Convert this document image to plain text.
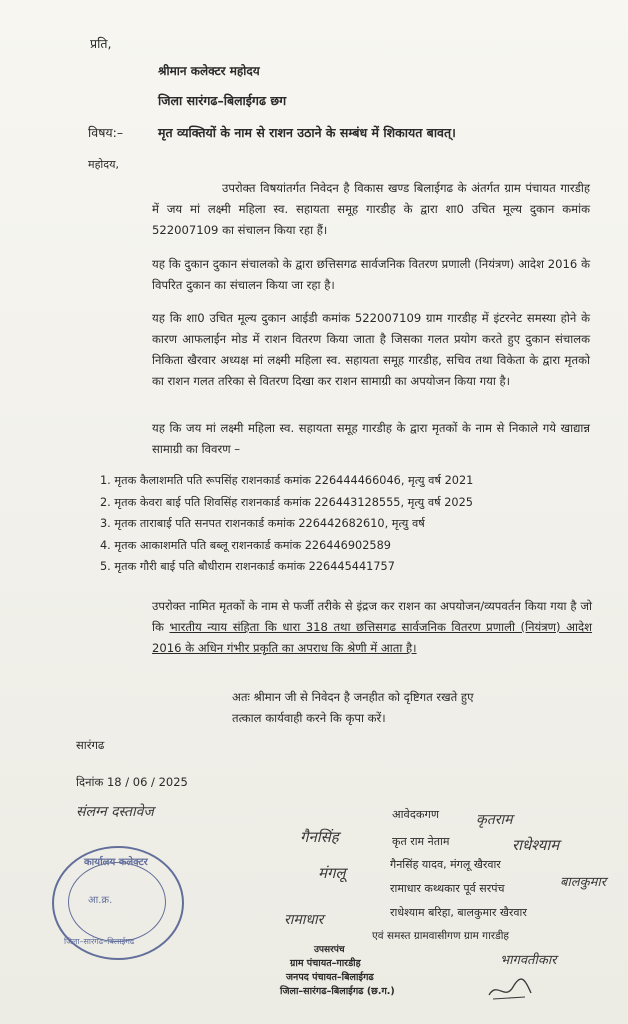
प्रति,
श्रीमान कलेक्टर महोदय
जिला सारंगढ–बिलाईगढ छग
विषय:–	मृत व्यक्तियों के नाम से राशन उठाने के सम्बंध में शिकायत बावत्।
महोदय,
उपरोक्त विषयांतर्गत निवेदन है विकास खण्ड बिलाईगढ के अंतर्गत ग्राम पंचायत गारडीह में जय मां लक्ष्मी महिला स्व. सहायता समूह गारडीह के द्वारा शा0 उचित मूल्य दुकान कमांक 522007109 का संचालन किया रहा हैं।
यह कि दुकान दुकान संचालको के द्वारा छत्तिसगढ सार्वजनिक वितरण प्रणाली (नियंत्रण) आदेश 2016 के विपरित दुकान का संचालन किया जा रहा है।
यह कि शा0 उचित मूल्य दुकान आईडी कमांक 522007109 ग्राम गारडीह में इंटरनेट समस्या होने के कारण आफलाईन मोड में राशन वितरण किया जाता है जिसका गलत प्रयोग करते हुए दुकान संचालक निकिता खैरवार अध्यक्ष मां लक्ष्मी महिला स्व. सहायता समूह गारडीह, सचिव तथा विकेता के द्वारा मृतको का राशन गलत तरिका से वितरण दिखा कर राशन सामाग्री का अपयोजन किया गया है।
यह कि जय मां लक्ष्मी महिला स्व. सहायता समूह गारडीह के द्वारा मृतकों के नाम से निकाले गये खाद्यान्न सामाग्री का विवरण –
1. मृतक कैलाशमति पति रूपसिंह राशनकार्ड कमांक 226444466046, मृत्यु वर्ष 2021
2. मृतक केवरा बाई पति शिवसिंह राशनकार्ड कमांक 226443128555, मृत्यु वर्ष 2025
3. मृतक ताराबाई पति सनपत राशनकार्ड कमांक 226442682610, मृत्यु वर्ष
4. मृतक आकाशमति पति बब्लू राशनकार्ड कमांक 226446902589
5. मृतक गौरी बाई पति बौधीराम राशनकार्ड कमांक 226445441757
उपरोक्त नामित मृतकों के नाम से फर्जी तरीके से इंद्रज कर राशन का अपयोजन/व्यपवर्तन किया गया है जो कि भारतीय न्याय संहिता कि धारा 318 तथा छत्तिसगढ सार्वजनिक वितरण प्रणाली (नियंत्रण) आदेश 2016 के अधिन गंभीर प्रकृति का अपराध कि श्रेणी में आता है।
अतः श्रीमान जी से निवेदन है जनहीत को दृष्टिगत रखते हुए
तत्काल कार्यवाही करने कि कृपा करें।
सारंगढ
दिनांक 18 / 06 / 2025
संलग्न दस्तावेज	आवेदकगण
कृत राम नेताम
गैनसिंह यादव, मंगलू खैरवार
रामाधार कथ्थकार पूर्व सरपंच
राधेश्याम बरिहा, बालकुमार खैरवार
एवं समस्त ग्रामवासीगण ग्राम गारडीह
गैनसिंह
मंगलू
कृतराम
राधेश्याम
बालकुमार
रामाधार
भागवतीकार
उपसरपंच
ग्राम पंचायत–गारडीह
जनपद पंचायत–बिलाईगढ
जिला–सारंगढ–बिलाईगढ (छ.ग.)
कार्यालय कलेक्टर
आ.क्र.
जिला–सारंगढ–बिलाईगढ
